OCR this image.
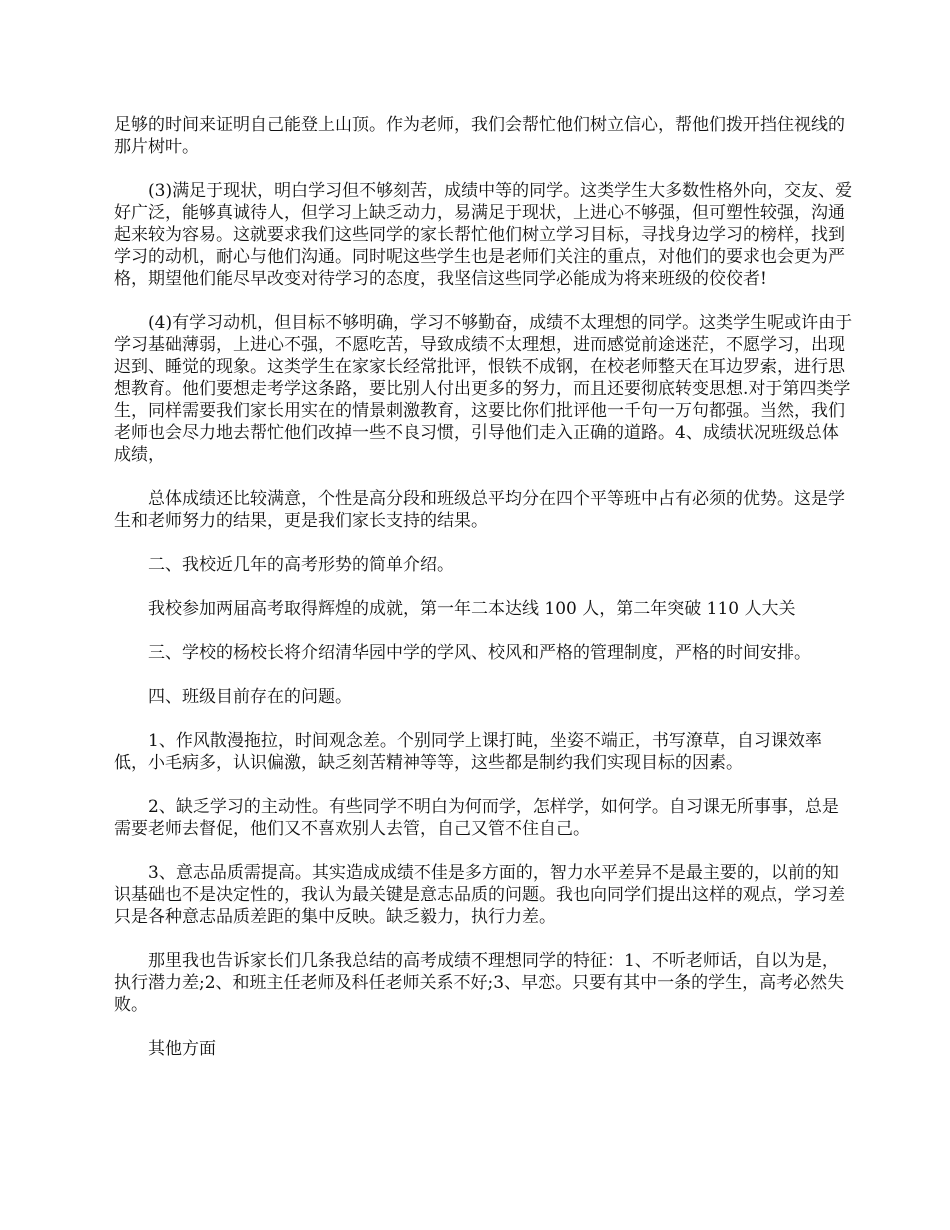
足够的时间来证明自己能登上山顶。作为老师，我们会帮忙他们树立信心，帮他们拨开挡住视线的那片树叶。

(3)满足于现状，明白学习但不够刻苦，成绩中等的同学。这类学生大多数性格外向，交友、爱好广泛，能够真诚待人，但学习上缺乏动力，易满足于现状，上进心不够强，但可塑性较强，沟通起来较为容易。这就要求我们这些同学的家长帮忙他们树立学习目标，寻找身边学习的榜样，找到学习的动机，耐心与他们沟通。同时呢这些学生也是老师们关注的重点，对他们的要求也会更为严格，期望他们能尽早改变对待学习的态度，我坚信这些同学必能成为将来班级的佼佼者!

(4)有学习动机，但目标不够明确，学习不够勤奋，成绩不太理想的同学。这类学生呢或许由于学习基础薄弱，上进心不强，不愿吃苦，导致成绩不太理想，进而感觉前途迷茫，不愿学习，出现迟到、睡觉的现象。这类学生在家家长经常批评，恨铁不成钢，在校老师整天在耳边罗索，进行思想教育。他们要想走考学这条路，要比别人付出更多的努力，而且还要彻底转变思想.对于第四类学生，同样需要我们家长用实在的情景刺激教育，这要比你们批评他一千句一万句都强。当然，我们老师也会尽力地去帮忙他们改掉一些不良习惯，引导他们走入正确的道路。4、成绩状况班级总体成绩，

总体成绩还比较满意，个性是高分段和班级总平均分在四个平等班中占有必须的优势。这是学生和老师努力的结果，更是我们家长支持的结果。

二、我校近几年的高考形势的简单介绍。

我校参加两届高考取得辉煌的成就，第一年二本达线 100 人，第二年突破 110 人大关

三、学校的杨校长将介绍清华园中学的学风、校风和严格的管理制度，严格的时间安排。

四、班级目前存在的问题。

1、作风散漫拖拉，时间观念差。个别同学上课打盹，坐姿不端正，书写潦草，自习课效率低，小毛病多，认识偏激，缺乏刻苦精神等等，这些都是制约我们实现目标的因素。

2、缺乏学习的主动性。有些同学不明白为何而学，怎样学，如何学。自习课无所事事，总是需要老师去督促，他们又不喜欢别人去管，自己又管不住自己。

3、意志品质需提高。其实造成成绩不佳是多方面的，智力水平差异不是最主要的，以前的知识基础也不是决定性的，我认为最关键是意志品质的问题。我也向同学们提出这样的观点，学习差只是各种意志品质差距的集中反映。缺乏毅力，执行力差。

那里我也告诉家长们几条我总结的高考成绩不理想同学的特征：1、不听老师话，自以为是，执行潜力差;2、和班主任老师及科任老师关系不好;3、早恋。只要有其中一条的学生，高考必然失败。

其他方面
